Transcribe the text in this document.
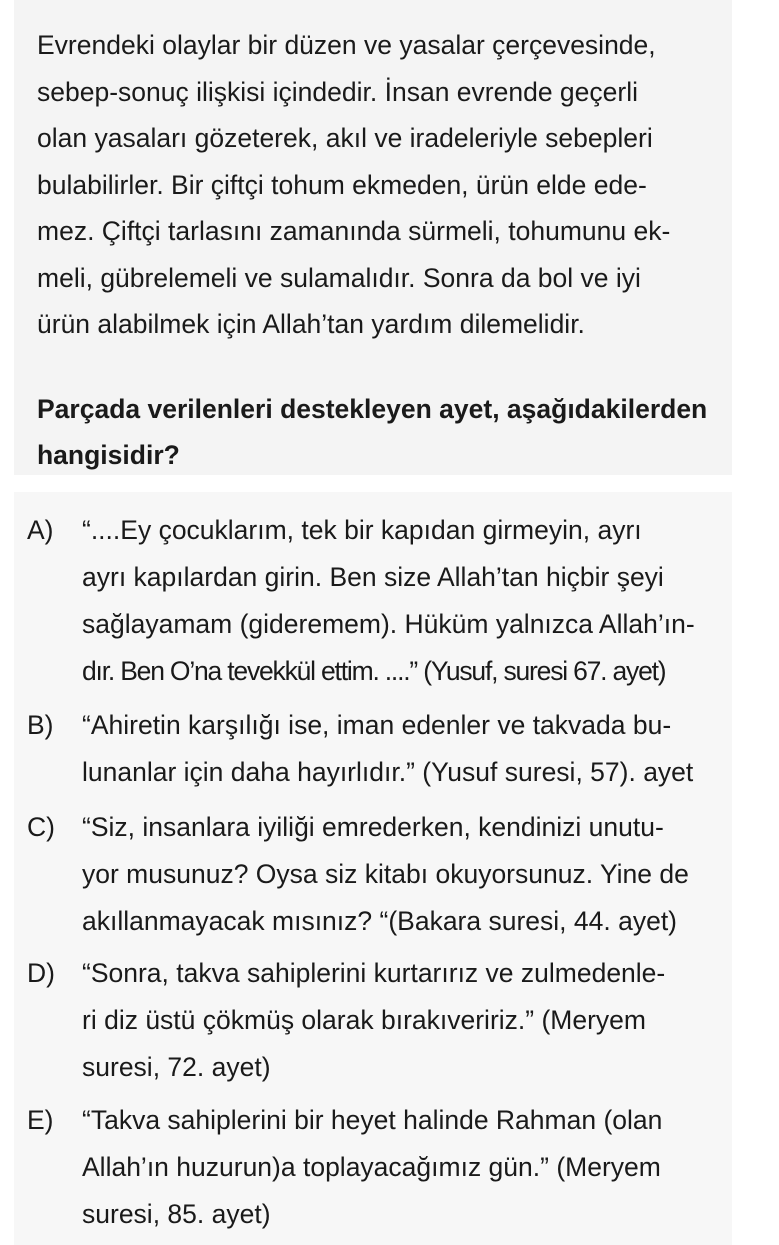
Evrendeki olaylar bir düzen ve yasalar çerçevesinde,
sebep-sonuç ilişkisi içindedir. İnsan evrende geçerli
olan yasaları gözeterek, akıl ve iradeleriyle sebepleri
bulabilirler. Bir çiftçi tohum ekmeden, ürün elde ede-
mez. Çiftçi tarlasını zamanında sürmeli, tohumunu ek-
meli, gübrelemeli ve sulamalıdır. Sonra da bol ve iyi
ürün alabilmek için Allah’tan yardım dilemelidir.
Parçada verilenleri destekleyen ayet, aşağıdakilerden
hangisidir?
A)	“....Ey çocuklarım, tek bir kapıdan girmeyin, ayrı
ayrı kapılardan girin. Ben size Allah’tan hiçbir şeyi
sağlayamam (gideremem). Hüküm yalnızca Allah’ın-
dır. Ben O’na tevekkül ettim. ....” (Yusuf, suresi 67. ayet)
B)	“Ahiretin karşılığı ise, iman edenler ve takvada bu-
lunanlar için daha hayırlıdır.” (Yusuf suresi, 57). ayet
C)	“Siz, insanlara iyiliği emrederken, kendinizi unutu-
yor musunuz? Oysa siz kitabı okuyorsunuz. Yine de
akıllanmayacak mısınız? “(Bakara suresi, 44. ayet)
D)	“Sonra, takva sahiplerini kurtarırız ve zulmedenle-
ri diz üstü çökmüş olarak bırakıveririz.” (Meryem
suresi, 72. ayet)
E)	“Takva sahiplerini bir heyet halinde Rahman (olan
Allah’ın huzurun)a toplayacağımız gün.” (Meryem
suresi, 85. ayet)
